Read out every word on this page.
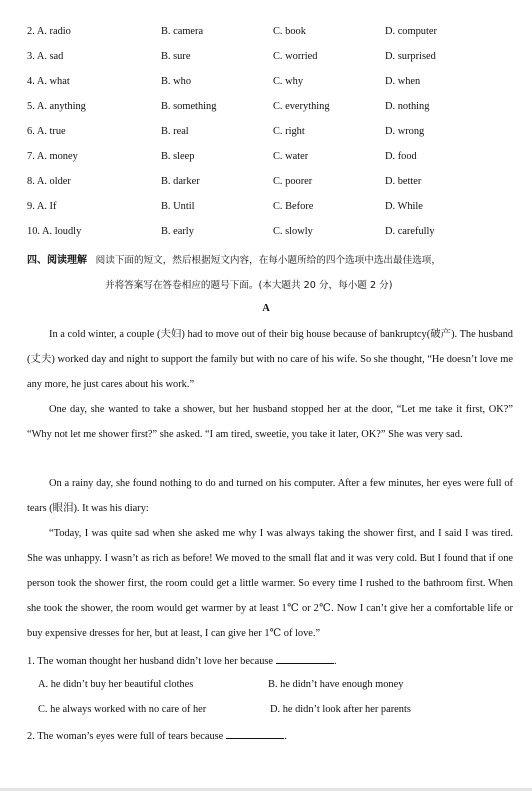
2. A. radio	B. camera	C. book	D. computer
3. A. sad	B. sure	C. worried	D. surprised
4. A. what	B. who	C. why	D. when
5. A. anything	B. something	C. everything	D. nothing
6. A. true	B. real	C. right	D. wrong
7. A. money	B. sleep	C. water	D. food
8. A. older	B. darker	C. poorer	D. better
9. A. If	B. Until	C. Before	D. While
10. A. loudly	B. early	C. slowly	D. carefully
四、阅读理解 阅读下面的短文，然后根据短文内容，在每小题所给的四个选项中选出最佳选项，
并将答案写在答卷相应的题号下面。(本大题共 20 分，每小题 2 分)
A
In a cold winter, a couple (夫妇) had to move out of their big house because of bankruptcy(破产). The husband (丈夫) worked day and night to support the family but with no care of his wife. So she thought, “He doesn’t love me any more, he just cares about his work.”
One day, she wanted to take a shower, but her husband stopped her at the door, “Let me take it first, OK?” “Why not let me shower first?” she asked. “I am tired, sweetie, you take it later, OK?” She was very sad.
On a rainy day, she found nothing to do and turned on his computer. After a few minutes, her eyes were full of tears (眼泪). It was his diary:
“Today, I was quite sad when she asked me why I was always taking the shower first, and I said I was tired. She was unhappy. I wasn’t as rich as before! We moved to the small flat and it was very cold. But I found that if one person took the shower first, the room could get a little warmer. So every time I rushed to the bathroom first. When she took the shower, the room would get warmer by at least 1℃ or 2℃. Now I can’t give her a comfortable life or buy expensive dresses for her, but at least, I can give her 1℃ of love.”
1. The woman thought her husband didn’t love her because	.
A. he didn’t buy her beautiful clothes	B. he didn’t have enough money
C. he always worked with no care of her	D. he didn’t look after her parents
2. The woman’s eyes were full of tears because	.
